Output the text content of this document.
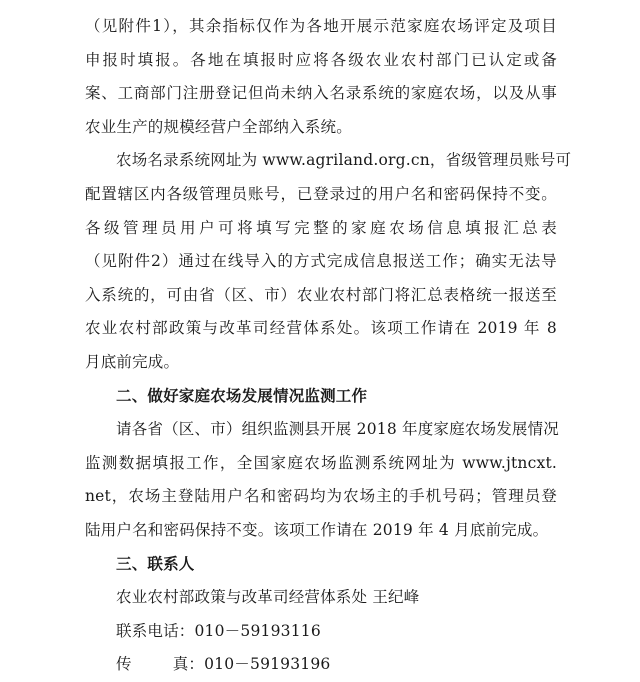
（见附件1），其余指标仅作为各地开展示范家庭农场评定及项目
申报时填报。各地在填报时应将各级农业农村部门已认定或备
案、工商部门注册登记但尚未纳入名录系统的家庭农场，以及从事
农业生产的规模经营户全部纳入系统。
农场名录系统网址为 www.agriland.org.cn，省级管理员账号可
配置辖区内各级管理员账号，已登录过的用户名和密码保持不变。
各级管理员用户可将填写完整的家庭农场信息填报汇总表
（见附件2）通过在线导入的方式完成信息报送工作；确实无法导
入系统的，可由省（区、市）农业农村部门将汇总表格统一报送至
农业农村部政策与改革司经营体系处。该项工作请在 2019 年 8
月底前完成。
二、做好家庭农场发展情况监测工作
请各省（区、市）组织监测县开展 2018 年度家庭农场发展情况
监测数据填报工作，全国家庭农场监测系统网址为 www.jtncxt.
net，农场主登陆用户名和密码均为农场主的手机号码；管理员登
陆用户名和密码保持不变。该项工作请在 2019 年 4 月底前完成。
三、联系人
农业农村部政策与改革司经营体系处 王纪峰
联系电话：010－59193116
传        真：010－59193196
